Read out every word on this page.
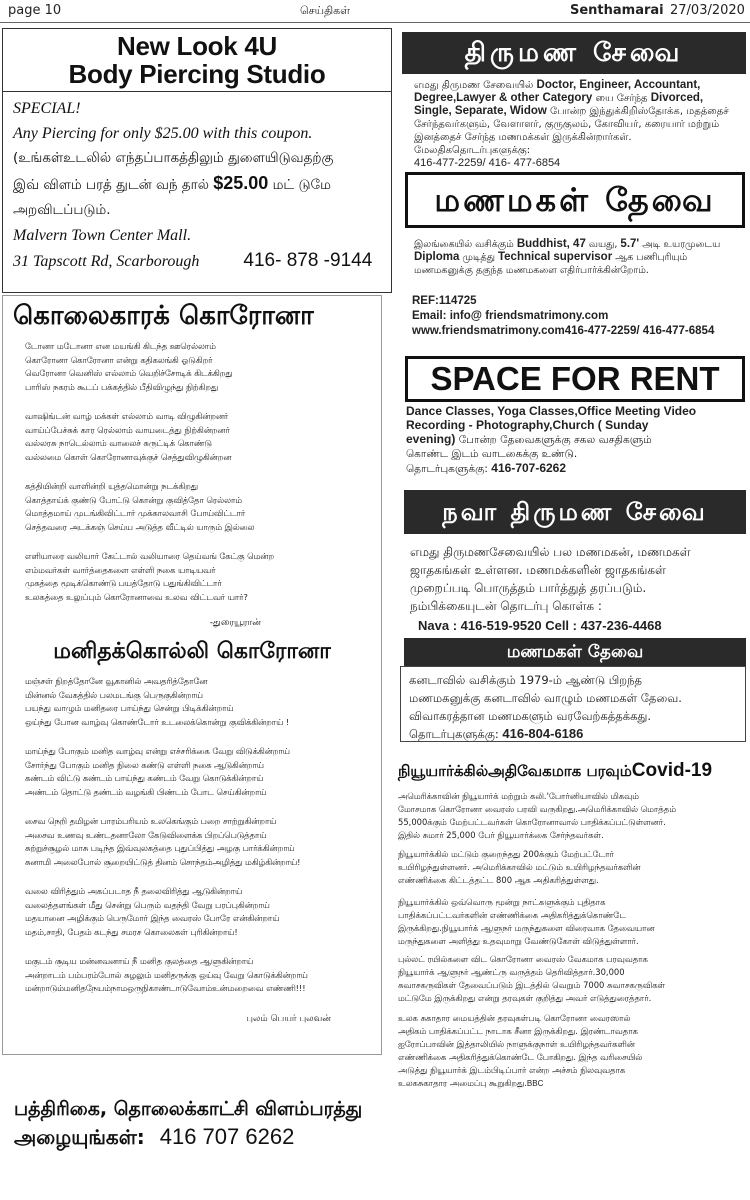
page 10	செய்திகள்	Senthamarai 27/03/2020
New Look 4U
Body Piercing Studio
SPECIAL!
Any Piercing for only $25.00 with this coupon.
(உங்கள்உடலில் எந்தப்பாகத்திலும் துளையிடுவதற்கு
இவ் விளம் பரத் துடன் வந் தால் $25.00 மட் டுமே
அறவிடப்படும்.
Malvern Town Center Mall.
31 Tapscott Rd, Scarborough 416- 878 -9144
கொலைகாரக் கொரோனா
டோனா மடோனா என மயங்கி கிடந்த ஊரெல்லாம்
கொரோனா கொரோனா என்று கதிகலங்கி ஓடுகிறர்
வெரோனா வெனிஸ் எல்லாம் வெறிச்சோடிக் கிடக்கிறது
பாரிஸ் நகரம் கூடப் பக்கத்தில் பீதிவிழுந்து நிற்கிறது
வாஷிங்டன் வாழ் மக்கள் எல்லாம் வாடி விழுகின்றனர்
வாய்ப்பேச்சுக் கார ரெல்லாம் வாயடைத்து நிற்கின்றனர்
வல்லரசு நாடெல்லாம் வாலைச் சுருட்டிக் கொண்டு
வல்லமை கொள் கொரோனாவுக்குச் செத்துவிழுகின்றன
கத்தியின்றி வாளின்றி யுத்தமொன்று நடக்கிறது
கொத்தாய்க் குண்டு போட்டு கொன்று குவித்தோ ரெல்லாம்
மொத்தமாய் முடங்கிவிட்டார் முக்காலவாசி போய்விட்டார்
செத்தவரை அடக்கஞ் செய்ய அடுத்த வீட்டில் யாரும் இல்லை
எளியாரை வலியார் கேட்டால் வலியாரை தெய்வங் கேட்கு மென்ற
எம்மவர்கள் வார்த்தைகளை எள்ளி நகை யாடியவர்
முகத்தை மூடிக்கொண்டு பயத்தோடு பதுங்கிவிட்டார்
உலகத்தை உலுப்பும் கொரோனாவை உலவ விட்டவர் யார்?
-துரையூரான்
மனிதக்கொல்லி கொரோனா
மஞ்சள் நிறத்தோனே வூகானில் அவதரித்தோனே
மின்னல் வேகத்தில் பலமடங்கு பெருகுகின்றாய்
பயந்து வாழும் மனிதரை பாய்ந்து சென்று பிடிக்கின்றாய்
ஒய்ந்து போன வாழ்வு கொண்டோர் உடலைக்கொன்று குவிக்கின்றாய் !
மாய்ந்து போகும் மனித வாழ்வு என்று எச்சரிக்கை வேறு விடுக்கின்றாய்
சோர்ந்து போகும் மனித நிலை கண்டு எள்ளி நகை ஆடுகின்றாய்
கண்டம் விட்டு கண்டம் பாய்ந்து கண்டம் வேறு கொடுக்கின்றாய்
அண்டம் தொட்டு தண்டம் வழங்கி பிண்டம் போட செய்கின்றாய்
சைவ நெறி தமிழன் பாரம்பரியம் உலகெங்கும் பறை சாற்றுகின்றாய்
அசைவ உணவு உண்டதனாலோ கேடுவிளைக்க பிறப்பெடுத்தாய்
சுற்றுச்சூழல் மாசு படிந்த இவ்வுலகத்தை புதுப்பித்து அழகு பார்க்கின்றாய்
சுனாமி அலைபோல் சூறையிட்டுத் தினம் சொந்தம்அழித்து மகிழ்கின்றாய்!
வலை விரித்தும் அகப்படாத நீ தலைவிரித்து ஆடுகின்றாய்
வலைத்தளங்கள் மீது சென்று பெரும் வதந்தி வேறு பரப்புகின்றாய்
மதயானை அழிக்கும் பெருமோர் இந்த வைரஸ் போரே என்கின்றாய்
மதம்,சாதி, பேதம் கடந்து சமரச கொலைகள் புரிகின்றாய்!
மகுடம் சூடிய மன்னவனாய் நீ மனித குலத்தை ஆளுகின்றாய்
அன்றாடம் பம்பரம்போல் சுழலும் மனிதருக்கு ஒய்வு வேறு கொடுக்கின்றாய்
மன்றாடும்மனிதநேயம்நாமஒருநிகாண்டாடுவோம்உன்மறைவை எண்ணி!!!
புலம் பெயர் புலவன்
பத்திரிகை, தொலைக்காட்சி விளம்பரத்து
அழையுங்கள்: 416 707 6262
திருமண சேவை
எமது திருமண சேவையில் Doctor, Engineer, Accountant,
Degree,Lawyer & other Category யை சேர்ந்த Divorced,
Single, Separate, Widow போன்ற இந்துக்கிறிஸ்தோக்க, மதத்தைச்
சேர்ந்தவர்களும், வேளாளர், குருகுலம், கோவியர், கரையார் மற்றும்
இனத்தைச் சேர்ந்த மணமக்கள் இருக்கின்றார்கள்.
மேலதிகதொடர்புகளுக்கு:
416-477-2259/ 416- 477-6854
மணமகள் தேவை
இலங்கையில் வசிக்கும் Buddhist, 47 வயது, 5.7' அடி உயரமுடைய
Diploma முடித்து Technical supervisor ஆக பணிபுரியும்
மணமகனுக்கு தகுந்த மணமகளை எதிர்பார்க்கின்றோம்.
REF:114725
Email: info@ friendsmatrimony.com
www.friendsmatrimony.com416-477-2259/ 416-477-6854
SPACE FOR RENT
Dance Classes, Yoga Classes,Office Meeting Video
Recording - Photography,Church ( Sunday
evening) போன்ற தேவைகளுக்கு சகல வசதிகளும்
கொண்ட இடம் வாடகைக்கு உண்டு.
தொடர்புகளுக்கு: 416-707-6262
நவா திருமண சேவை
எமது திருமணசேவையில் பல மணமகன், மணமகள்
ஜாதகங்கள் உள்ளன. மணமக்களின் ஜாதகங்கள்
முறைப்படி பொருத்தம் பார்த்துத் தரப்படும்.
நம்பிக்கையுடன் தொடர்பு கொள்க :
Nava : 416-519-9520 Cell : 437-236-4468
மணமகள் தேவை
கனடாவில் வசிக்கும் 1979-ம் ஆண்டு பிறந்த
மணமகனுக்கு கனடாவில் வாழும் மணமகள் தேவை.
விவாகரத்தான மணமகளும் வரவேற்கத்தக்கது.
தொடர்புகளுக்கு: 416-804-6186
நியூயார்க்கில்அதிவேகமாக பரவும்Covid-19

அமெரிக்காவின் நியூயார்க் மற்றும் கலி.'போர்னியாவில் மிகவும்
மோசமாக கொரோனா வைரஸ் பரவி வருகிறது.அமெரிக்காவில் மொத்தம்
55,000க்கும் மேற்பட்டவர்கள் கொரோனாவால் பாதிக்கப்பட்டுள்ளனர்.
இதில் சுமார் 25,000 பேர் நியூயார்க்கை சேர்ந்தவர்கள்.

நியூயார்க்கில் மட்டும் குறைந்தது 200க்கும் மேற்பட்டோர்
உயிரிழந்துள்ளனர். அமெரிக்காவில் மட்டும் உயிரிழந்தவர்களின்
எண்ணிக்கை கிட்டத்தட்ட 800 ஆக அதிகரித்துள்ளது.

நியூயார்க்கில் ஒவ்வொரு மூன்று நாட்களுக்கும் புதிதாக
பாதிக்கப்பட்டவர்களின் எண்ணிக்கை அதிகரித்துக்கொண்டே
இருக்கிறது.நியூயார்க் ஆளுநர் மருந்துகளை விரைவாக தேவையான
மருந்துகளை அளித்து உதவுமாறு வேண்டுகோள் விடுத்துள்ளார்.

புல்லட் ரயில்களை விட கொரோனா வைரஸ் வேகமாக பரவுவதாக
நியூயார்க் ஆளுநர் ஆண்ட்ரு வருத்தம் தெரிவித்தார்.30,000
சுவாசகருவிகள் தேவைப்படும் இடத்தில் வெறும் 7000 சுவாசகருவிகள்
மட்டுமே இருக்கிறது என்று தரவுகள் குறித்து அவர் எடுத்துரைத்தார்.

உலக சுகாதார மையத்தின் தரவுகள்படி கொரோனா வைரஸால்
அதிகம் பாதிக்கப்பட்ட நாடாக சீனா இருக்கிறது. இரண்டாவதாக
ஐரோப்பாவின் இத்தாலியில் நாளுக்குநாள் உயிரிழந்தவர்களின்
எண்ணிக்கை அதிகரித்துக்கொண்டே போகிறது. இந்த வரிசையில்
அடுத்து நியூயார்க் இடம்பிடிப்பார் என்ற அச்சம் நிலவுவதாக
உலகசுகாதார அமைப்பு கூறுகிறது.BBC
